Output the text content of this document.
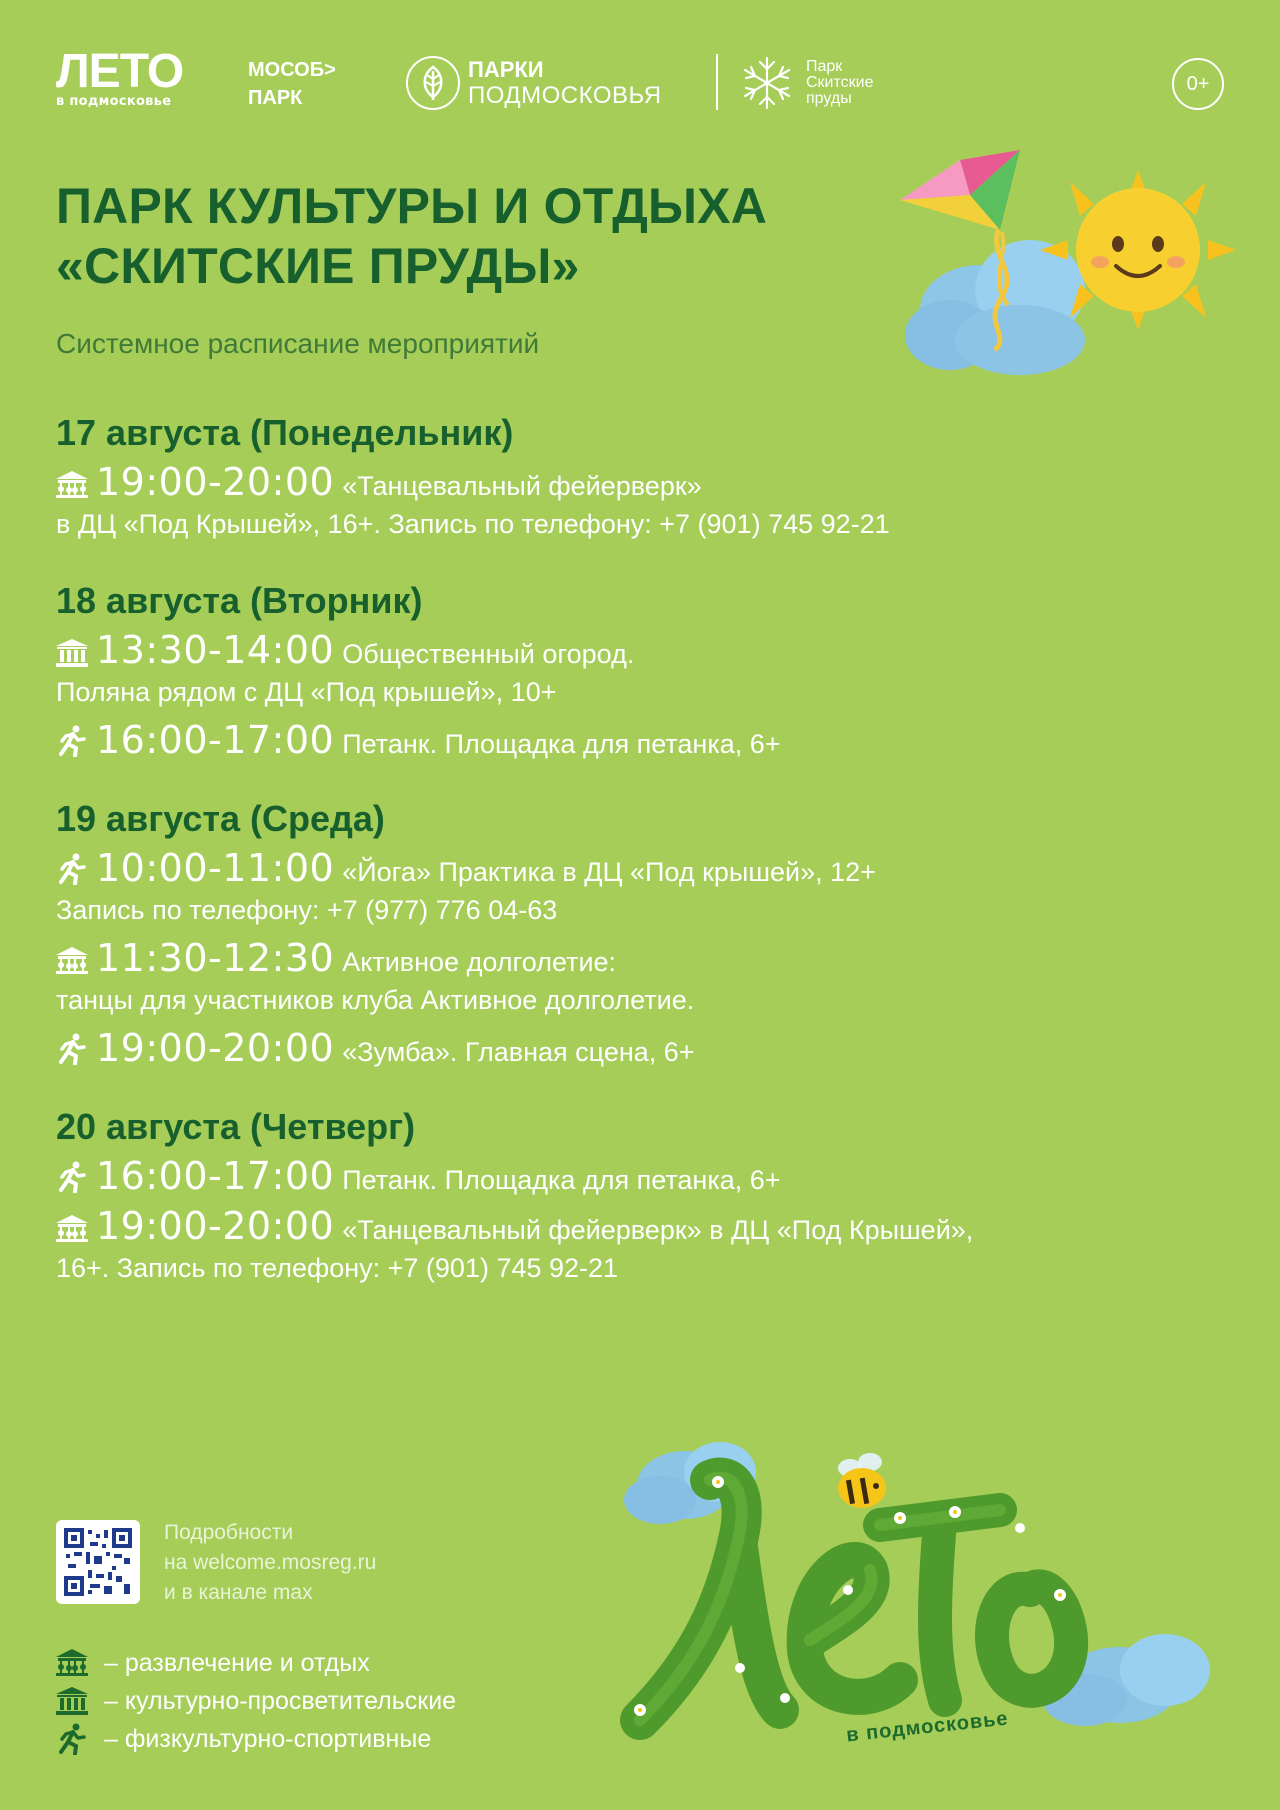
ЛЕТО
в подмосковье
МОСОБ>
ПАРК
ПАРКИ
ПОДМОСКОВЬЯ
Парк
Скитские
пруды
0+
ПАРК КУЛЬТУРЫ И ОТДЫХА
«СКИТСКИЕ ПРУДЫ»
Системное расписание мероприятий
17 августа (Понедельник)
19:00-20:00 «Танцевальный фейерверк»
в ДЦ «Под Крышей», 16+. Запись по телефону: +7 (901) 745 92-21
18 августа (Вторник)
13:30-14:00 Общественный огород.
Поляна рядом с ДЦ «Под крышей», 10+
16:00-17:00 Петанк. Площадка для петанка, 6+
19 августа (Среда)
10:00-11:00 «Йога» Практика в ДЦ «Под крышей», 12+
Запись по телефону: +7 (977) 776 04-63
11:30-12:30 Активное долголетие:
танцы для участников клуба Активное долголетие.
19:00-20:00 «Зумба». Главная сцена, 6+
20 августа (Четверг)
16:00-17:00 Петанк. Площадка для петанка, 6+
19:00-20:00 «Танцевальный фейерверк» в ДЦ «Под Крышей»,
16+. Запись по телефону: +7 (901) 745 92-21
Подробности
на welcome.mosreg.ru
и в канале max
– развлечение и отдых
– культурно-просветительские
– физкультурно-спортивные	в подмосковье
